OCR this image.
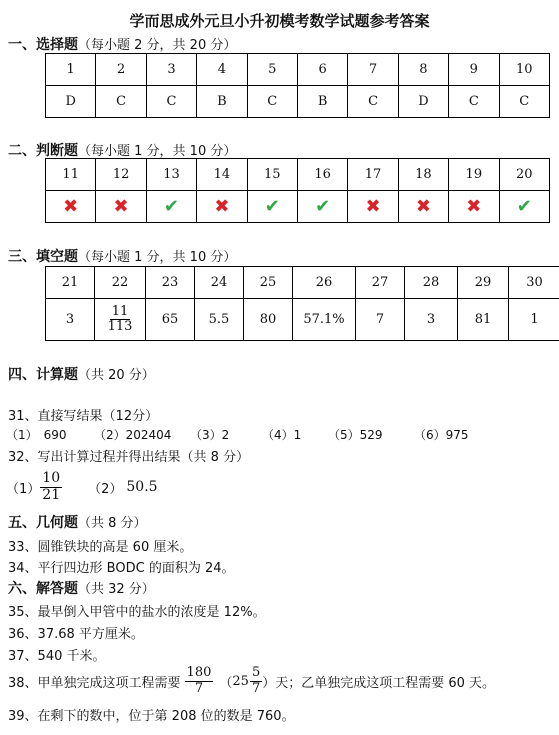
学而思成外元旦小升初模考数学试题参考答案
一、选择题（每小题 2 分，共 20 分）
1	2	3	4	5	6	7	8	9	10
D	C	C	B	C	B	C	D	C	C
二、判断题（每小题 1 分，共 10 分）
11	12	13	14	15	16	17	18	19	20
✖	✖	✔	✖	✔	✔	✖	✖	✖	✔
三、填空题（每小题 1 分，共 10 分）
21	22	23	24	25	26	27	28	29	30
3	$\frac{11}{113}$	65	5.5	80	57.1%	7	3	81	1
四、计算题（共 20 分）
31、直接写结果（12分）
（1）　690 （2）202404 （3）2	（4）1 （5）529	（6）975
32、写出计算过程并得出结果（共 8 分）
$(1) \frac{10}{21} (2)$ 50.5
五、几何题（共 8 分）
33、圆锥铁块的高是 60 厘米。
34、平行四边形 BODC 的面积为 24。
六、解答题（共 32 分）
35、最早倒入甲管中的盐水的浓度是 12%。
36、37.68 平方厘米。
37、540 千米。
38、甲单独完成这项工程需要 $\frac{180}{7}$ （ $25 \frac{5}{7}$ ）天；乙单独完成这项工程需要 60 天。
39、在剩下的数中，位于第 208 位的数是 760。
